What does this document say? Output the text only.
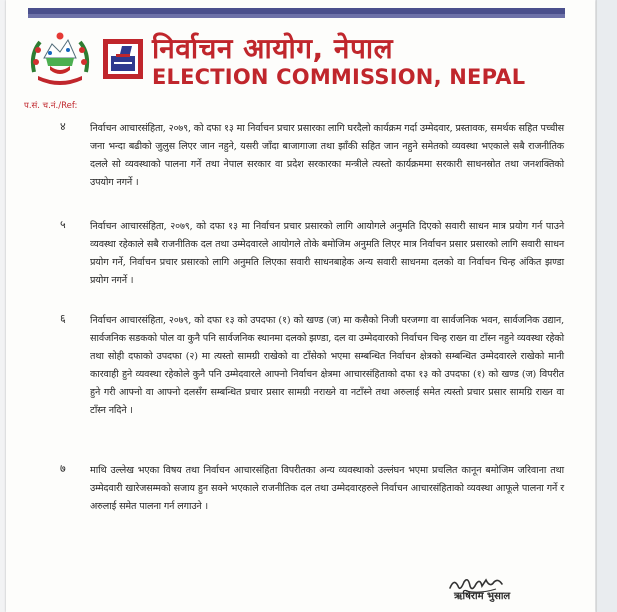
निर्वाचन आयोग, नेपाल
ELECTION COMMISSION, NEPAL
प.सं. च.नं./Ref:
४	निर्वाचन आचारसंहिता, २०७९, को दफा १३ मा निर्वाचन प्रचार प्रसारका लागि घरदैलो कार्यक्रम गर्दा उम्मेदवार, प्रस्तावक, समर्थक सहित पच्चीस जना भन्दा बढीको जुलुस लिएर जान नहुने, यसरी जाँदा बाजागाजा तथा झाँकी सहित जान नहुने समेतको व्यवस्था भएकाले सबै राजनीतिक दलले सो व्यवस्थाको पालना गर्ने तथा नेपाल सरकार वा प्रदेश सरकारका मन्त्रीले त्यस्तो कार्यक्रममा सरकारी साधनस्रोत तथा जनशक्तिको उपयोग नगर्ने ।
५	निर्वाचन आचारसंहिता, २०७९, को दफा १३ मा निर्वाचन प्रचार प्रसारको लागि आयोगले अनुमति दिएको सवारी साधन मात्र प्रयोग गर्न पाउने व्यवस्था रहेकाले सबै राजनीतिक दल तथा उम्मेदवारले आयोगले तोके बमोजिम अनुमति लिएर मात्र निर्वाचन प्रसार प्रसारको लागि सवारी साधन प्रयोग गर्ने, निर्वाचन प्रचार प्रसारको लागि अनुमति लिएका सवारी साधनबाहेक अन्य सवारी साधनमा दलको वा निर्वाचन चिन्ह अंकित झण्डा प्रयोग नगर्ने ।
६	निर्वाचन आचारसंहिता, २०७९, को दफा १३ को उपदफा (१) को खण्ड (ज) मा कसैको निजी घरजग्गा वा सार्वजनिक भवन, सार्वजनिक उद्यान, सार्वजनिक सडकको पोल वा कुनै पनि सार्वजनिक स्थानमा दलको झण्डा, दल वा उम्मेदवारको निर्वाचन चिन्ह राख्न वा टाँस्न नहुने व्यवस्था रहेको तथा सोही दफाको उपदफा (२) मा त्यस्तो सामग्री राखेको वा टाँसेको भएमा सम्बन्धित निर्वाचन क्षेत्रको सम्बन्धित उम्मेदवारले राखेको मानी कारवाही हुने व्यवस्था रहेकोले कुनै पनि उम्मेदवारले आफ्नो निर्वाचन क्षेत्रमा आचारसंहिताको दफा १३ को उपदफा (१) को खण्ड (ज) विपरीत हुने गरी आफ्नो वा आफ्नो दलसँग सम्बन्धित प्रचार प्रसार सामग्री नराख्ने वा नटाँस्ने तथा अरुलाई समेत त्यस्तो प्रचार प्रसार सामग्रि राख्न वा टाँस्न नदिने ।
७	माथि उल्लेख भएका विषय तथा निर्वाचन आचारसंहिता विपरीतका अन्य व्यवस्थाको उल्लंघन भएमा प्रचलित कानून बमोजिम जरिवाना तथा उम्मेदवारी खारेजसम्मको सजाय हुन सक्ने भएकाले राजनीतिक दल तथा उम्मेदवारहरुले निर्वाचन आचारसंहिताको व्यवस्था आफूले पालना गर्ने र अरुलाई समेत पालना गर्न लगाउने ।
ऋषिराम भुसाल
